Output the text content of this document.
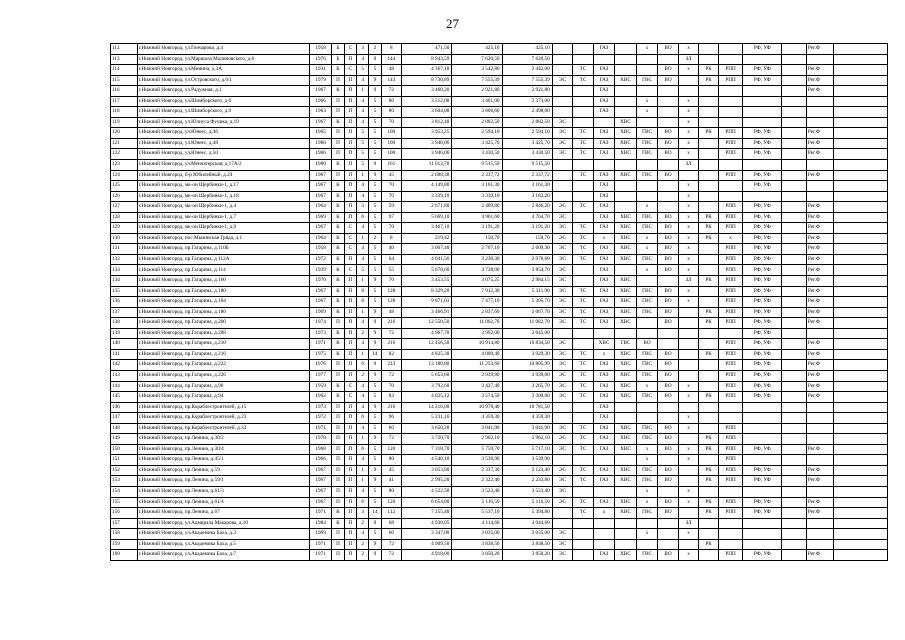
27
112	г.Нижний Новгород, ул.Гончарова, д.4	1958	Б	С	3	2	8	471,50	425,10	425,10			ГАЗ		х	ВО	х			РФ, УФ		Рег.Ф	
113	г.Нижний Новгород, ул.Маршала Малиновского, д.6	1976	Б	П	4	9	144	8 943,59	7 620,50	7 620,50							ЗЛ						
114	г.Нижний Новгород, ул.Минина, д.3А	1931	К	С	5	5	48	4 367,10	3 542,80	2 442,00		ТС	ГАЗ			ВО	х	РК	РПП	РФ, УФ		Рег.Ф	
115	г.Нижний Новгород, ул.Островского, д.6/1	1979	П	П	4	9	143	8 730,89	7 555,39	7 555,39	ЭС	ТС	ГАЗ	ХВС	ГВС	ВО		РК	РПП	РФ, УФ		Рег.Ф	
116	г.Нижний Новгород, ул.Радужная, д.1	1967	К	П	1	9	72	3 460,20	2 921,80	2 921,80			ГАЗ									Рег.Ф	
117	г.Нижний Новгород, ул.Шимборского, д.6	1966	П	П	4	5	80	3 512,00	3 461,00	2 373,00			ГАЗ		х		х						
118	г.Нижний Новгород, ул.Шимборского, д.9	1963	П	П	4	5	80	3 604,00	3 606,60	2 498,00			ГАЗ		х		х						
119	г.Нижний Новгород, ул.Юлиуса Фучика, д.19	1967	К	П	4	5	70	3 812,40	2 882,50	2 882,50	ЭС			ХВС			х						
120	г.Нижний Новгород, ул.Юнеес, д.46	1965	П	П	5	5	100	3 953,25	2 594,10	2 594,10	ЭС	ТС	ГАЗ	ХВС	ГВС	ВО	х	РК	РПП	РФ, УФ		Рег.Ф	
121	г.Нижний Новгород, ул.Юнеес, д.48	1966	П	П	5	5	100	3 940,06	3 425,70	3 425,70	ЭС	ТС	ГАЗ	ХВС	ГВС	ВО	х		РПП	РФ, УФ		Рег.Ф	
122	г.Нижний Новгород, ул.Юнеес, д.50	1966	П	П	5	5	100	3 946,06	3 430,50	3 430,50	ЭС	ТС	ГАЗ	ХВС	ГВС	ВО	х		РПП	РФ, УФ		Рег.Ф	
123	г.Нижний Новгород, ул.Менчатерская, д.17А/2	1980	К	П	5	9	161	11 013,70	9 515,50	9 515,50							ЗЛ						
124	г.Нижний Новгород, б-р Юбилейный, д.24	1967	П	П	1	9	45	2 688,38	2 337,72	2 337,72		ТС	ГАЗ	ХВС	ГВС	ВО			РПП	РФ, УФ		Рег.Ф	
125	г.Нижний Новгород, мк-он Щербинки-1, д.17	1967	К	П	4	5	70	4 149,80	3 161,30	3 161,30			ГАЗ				х			РФ, УФ			
126	г.Нижний Новгород, мк-он Щербинки-1, д.18	1967	К	П	4	5	70	3 339,10	3 339,10	3 183,20			ГАЗ				х						
127	г.Нижний Новгород, мк-он Щербинки-1, д.4	1964	К	П	3	5	59	2 671,80	2 489,80	2 846,20	ЭС	ТС	ГАЗ		х		х		РПП	РФ, УФ		Рег.Ф	
128	г.Нижний Новгород, мк-он Щербинки-1, д.7	1969	К	П	6	5	97	5 669,10	4 961,60	4 764,70	ЭС		ГАЗ	ХВС	ГВС	ВО	х	РК	РПП	РФ, УФ		Рег.Ф	
129	г.Нижний Новгород, мк-он Щербинки-1, д.9	1967	К	С	4	5	70	3 467,10	3 191,20	3 191,20	ЭС	ТС	ГАЗ	ХВС	ГВС	ВО	х	РК	РПП	РФ, УФ		Рег.Ф	
130	г.Нижний Новгород, пос.Мызинская Гряда, д.1	1964	К	С	1	2	8	219,42	150,70	150,70	ЭС	ТС	х	ХВС	х	ВО	х	РК	х	РФ, УФ		Рег.Ф	
131	г.Нижний Новгород, пр.Гагарина, д.110Б	1958	К	С	4	5	40	3 067,40	2 707,10	2 609,30	ЭС	ТС	ГАЗ	ХВС	х	ВО	х		РПП	РФ, УФ		Рег.Ф	
132	г.Нижний Новгород, пр.Гагарина, д.112А	1972	К	П	4	5	64	4 041,56	3 230,30	2 978,60	ЭС	ТС	ГАЗ	ХВС	ГВС	ВО	х		РПП	РФ, УФ		Рег.Ф	
133	г.Нижний Новгород, пр.Гагарина, д.114	1939	К	С	5	5	55	5 678,60	4 738,00	3 854,70	ЭС		ГАЗ		х	ВО	х		РПП	РФ, УФ		Рег.Ф	
134	г.Нижний Новгород, пр.Гагарина, д.160	1970	К	П	1	9	70	3 453,55	3 075,25	2 984,15	ЭС		ГАЗ	ХВС			ЗЛ	РК	РПП	РФ, УФ		Рег.Ф	
135	г.Нижний Новгород, пр.Гагарина, д.180	1967	К	П	8	5	128	8 329,20	7 912,30	5 311,90	ЭС	ТС	ГАЗ	ХВС	ГВС	ВО	х		РПП	РФ, УФ		Рег.Ф	
136	г.Нижний Новгород, пр.Гагарина, д.184	1967	К	П	8	5	128	9 871,03	7 477,10	5 305,70	ЭС	ТС	ГАЗ	ХВС	ГВС	ВО	х		РПП	РФ, УФ		Рег.Ф	
137	г.Нижний Новгород, пр.Гагарина, д.186	1969	К	П	1	9	48	3 466,91	2 837,60	2 067,70	ЭС	ТС	ГАЗ	ХВС	ГВС	ВО		РК	РПП	РФ, УФ		Рег.Ф	
138	г.Нижний Новгород, пр.Гагарина, д.200	1974	П	П	4	9	216	12 550,50	11 002,70	11 002,70	ЭС	ТС	ГАЗ	ХВС		ВО		РК	РПП	РФ, УФ		Рег.Ф	
139	г.Нижний Новгород, пр.Гагарина, д.208	1973	К	П	2	9	72	4 967,70	3 992,00	2 645,00										РФ, УФ			
140	г.Нижний Новгород, пр.Гагарина, д.210	1971	К	П	4	9	216	12 456,50	10 914,80	10 834,50	ЭС		ХВС	ГВС	ВО				РПП	РФ, УФ		Рег.Ф	
141	г.Нижний Новгород, пр.Гагарина, д.216	1975	К	П	1	14	82	4 825,30	4 000,40	3 929,30	ЭС	ТС	х	ХВС	ГВС	ВО		РК	РПП	РФ, УФ		Рег.Ф	
142	г.Нижний Новгород, пр.Гагарина, д.222	1976	П	П	6	9	213	13 180,80	11 253,60	10 805,99	ЭС	ТС	ГАЗ	ХВС	ГВС	ВО			РПП	РФ, УФ		Рег.Ф	
143	г.Нижний Новгород, пр.Гагарина, д.226	1977	П	П	2	9	72	5 653,60	3 939,80	3 939,00	ЭС	ТС	ГАЗ	ХВС	ГВС	ВО			РПП	РФ, УФ		Рег.Ф	
144	г.Нижний Новгород, пр.Гагарина, д.90	1959	К	С	4	5	70	3 792,60	3 427,40	3 265,70	ЭС	ТС	ГАЗ	ХВС	х	ВО	х		РПП	РФ, УФ		Рег.Ф	
145	г.Нижний Новгород, пр.Гагарина, д.94	1962	К	С	4	5	83	4 025,12	3 574,50	3 300,00	ЭС	ТС	ГАЗ	ХВС	ГВС	ВО	х	РК	РПП	РФ, УФ		Рег.Ф	
146	г.Нижний Новгород, пр.Кораблестроителей, д.15	1973	П	П	4	9	216	14 216,00	10 978,40	10 781,50			ГАЗ										
147	г.Нижний Новгород, пр.Кораблестроителей, д.23	1972	П	П	6	5	96	5 231,16	4 359,30	4 359,30			ГАЗ				х						
148	г.Нижний Новгород, пр.Кораблестроителей, д.33	1971	П	П	4	5	60	3 650,28	3 041,90	3 041,90	ЭС	ТС	ГАЗ	ХВС	ГВС	ВО	х		РПП				
149	г.Нижний Новгород, пр.Ленина, д.30/2	1970	П	П	1	9	72	3 720,70	2 962,10	2 962,10	ЭС	ТС	ГАЗ	ХВС	ГВС	ВО		РК	РПП				
150	г.Нижний Новгород, пр.Ленина, д.30/4	1968	П	П	6	5	120	7 318,70	5 759,70	5 717,10	ЭС	ТС	ГАЗ	ХВС	х	ВО	х	РК	РПП	РФ, УФ		Рег.Ф	
151	г.Нижний Новгород, пр.Ленина, д.45/1	1966	П	П	4	5	80	4 540,10	3 539,90	3 539,90					х		х		РПП				
152	г.Нижний Новгород, пр.Ленина, д.59	1967	П	П	1	9	45	3 053,80	2 337,30	2 123,40	ЭС	ТС	ГАЗ	ХВС	ГВС	ВО		РК	РПП	РФ, УФ		Рег.Ф	
153	г.Нижний Новгород, пр.Ленина, д.59/1	1967	П	П	1	9	41	2 995,20	2 322,40	2 233,80	ЭС	ТС	ГАЗ	ХВС	ГВС	ВО		РК	РПП	РФ, УФ		Рег.Ф	
154	г.Нижний Новгород, пр.Ленина, д.61/3	1967	П	П	4	5	80	4 522,50	3 523,40	3 523,40	ЭС				х		х						
155	г.Нижний Новгород, пр.Ленина, д.61/4	1967	П	П	6	5	120	6 654,00	5 116,50	5 116,50	ЭС	ТС	ГАЗ	ХВС	х	ВО	х	РК	РПП	РФ, УФ		Рег.Ф	
156	г.Нижний Новгород, пр.Ленина, д.67	1971	К	П	3	14	112	7 255,40	5 537,10	5 394,80		ТС	х	ХВС	ГВС	ВО		РК	РПП	РФ, УФ		Рег.Ф	
157	г.Нижний Новгород, ул.Адмирала Макарова, д.10	1984	К	П	2	9	68	4 930,05	4 114,60	4 044,60							ЗЛ						
158	г.Нижний Новгород, ул.Академика Баха, д.3	1969	П	П	4	5	60	3 347,00	3 035,00	3 035,00	ЭС				х		х						
159	г.Нижний Новгород, ул.Академика Баха, д.5	1971	П	П	2	9	72	4 909,50	3 838,50	3 838,50	ЭС							РК					
160	г.Нижний Новгород, ул.Академика Баха, д.7	1971	П	П	2	9	72	4 918,00	3 850,20	3 850,20	ЭС		ГАЗ	ХВС	ГВС	ВО	х		РПП	РФ, УФ		Рег.Ф	
